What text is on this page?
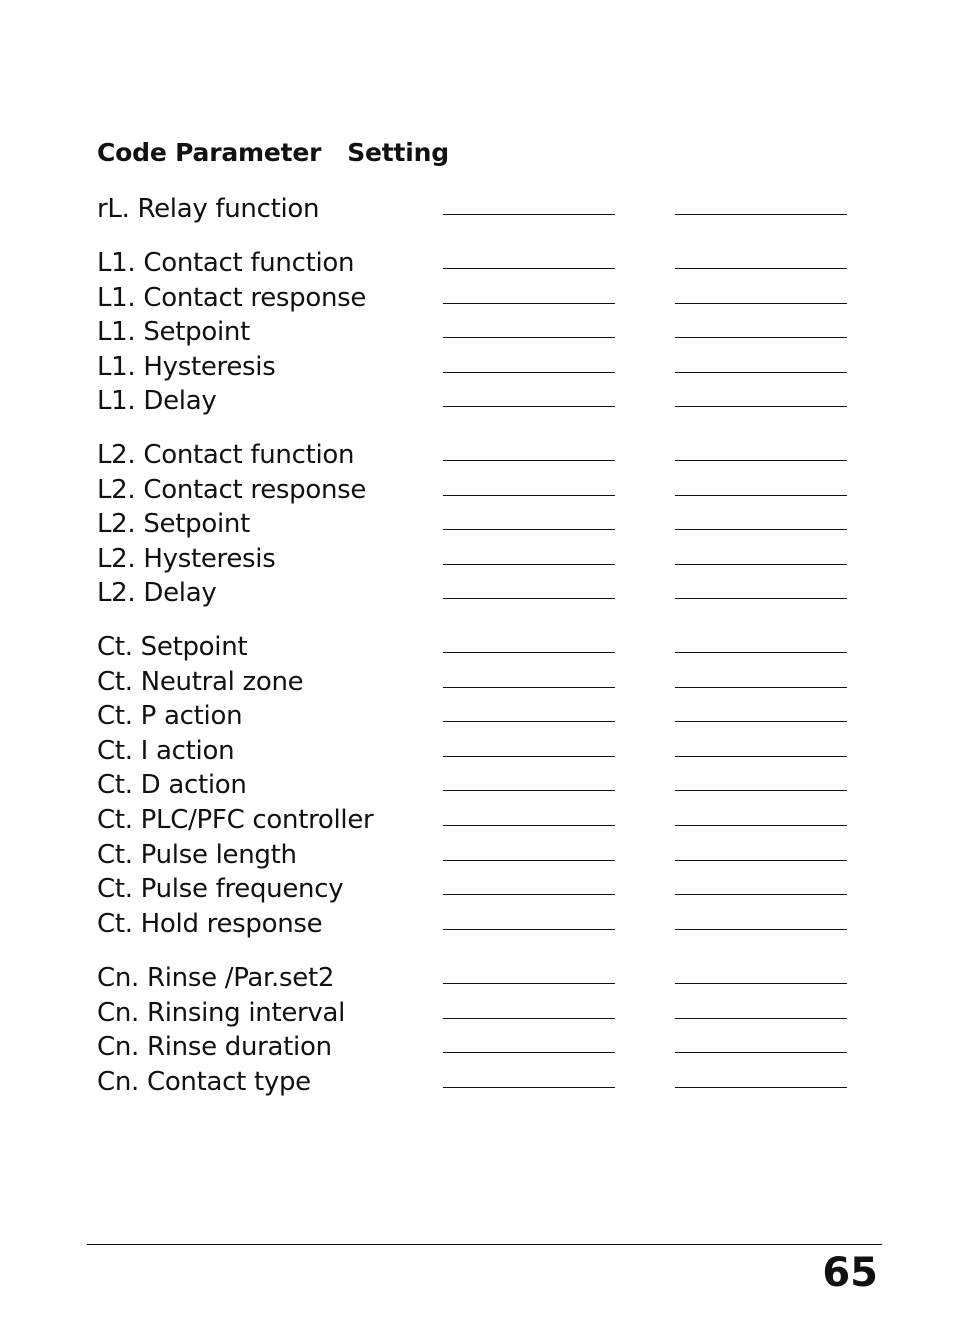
Code Parameter Setting
rL. Relay function
L1. Contact function
L1. Contact response
L1. Setpoint
L1. Hysteresis
L1. Delay
L2. Contact function
L2. Contact response
L2. Setpoint
L2. Hysteresis
L2. Delay
Ct. Setpoint
Ct. Neutral zone
Ct. P action
Ct. I action
Ct. D action
Ct. PLC/PFC controller
Ct. Pulse length
Ct. Pulse frequency
Ct. Hold response
Cn. Rinse /Par.set2
Cn. Rinsing interval
Cn. Rinse duration
Cn. Contact type
65
